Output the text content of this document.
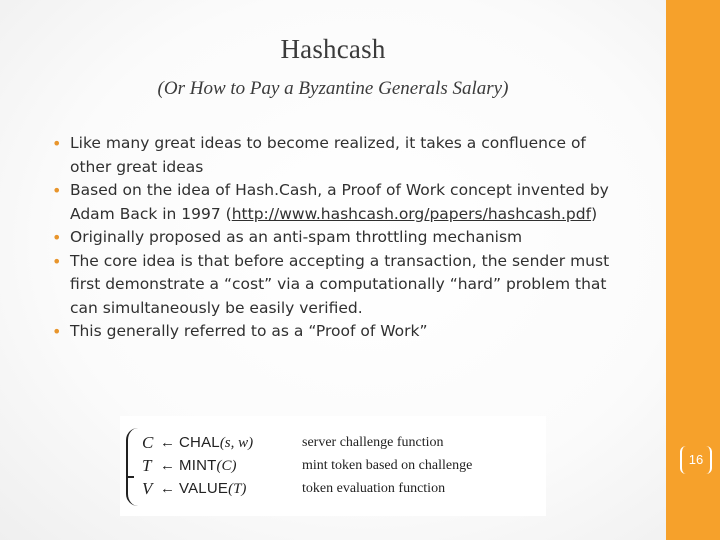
Hashcash
(Or How to Pay a Byzantine Generals Salary)
• Like many great ideas to become realized, it takes a confluence of other great ideas
• Based on the idea of Hash.Cash, a Proof of Work concept invented by Adam Back in 1997 (http://www.hashcash.org/papers/hashcash.pdf)
• Originally proposed as an anti-spam throttling mechanism
• The core idea is that before accepting a transaction, the sender must first demonstrate a “cost” via a computationally “hard” problem that can simultaneously be easily verified.
• This generally referred to as a “Proof of Work”
C ← CHAL (s, w)	server challenge function
T ← MINT (C)	mint token based on challenge
V ← VALUE (T)	token evaluation function
16
